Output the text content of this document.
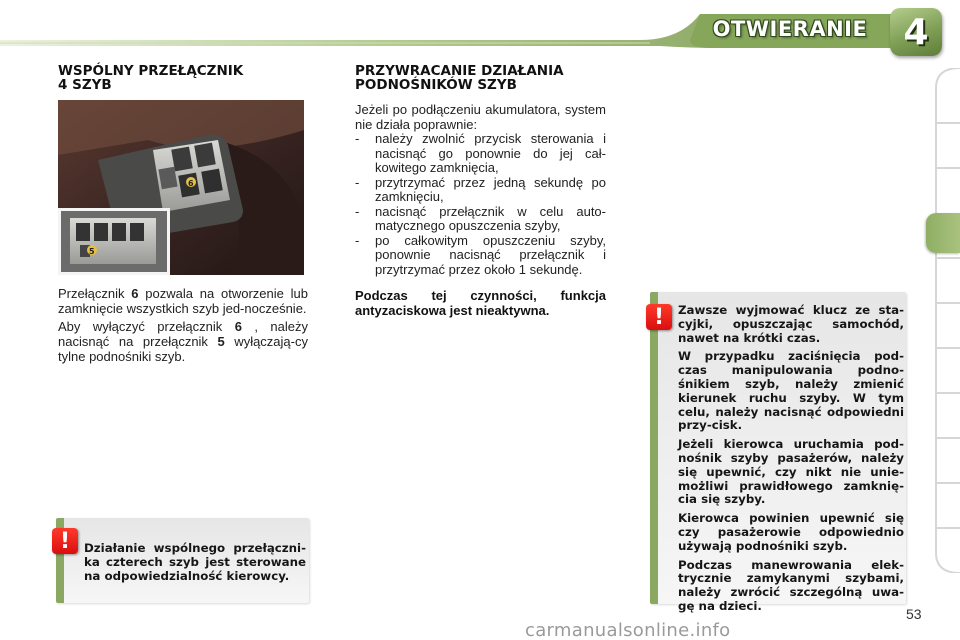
OTWIERANIE	4
WSPÓLNY PRZEŁĄCZNIK
4 SZYB
6
5

Przełącznik 6 pozwala na otworzenie lub zamknięcie wszystkich szyb jed-nocześnie.

Aby wyłączyć przełącznik 6 , należy nacisnąć na przełącznik 5 wyłączają-cy tylne podnośniki szyb.

PRZYWRACANIE DZIAŁANIA
PODNOŚNIKÓW SZYB

Jeżeli po podłączeniu akumulatora, system nie działa poprawnie:

- należy zwolnić przycisk sterowania i nacisnąć go ponownie do jej cał-kowitego zamknięcia,
- przytrzymać przez jedną sekundę po zamknięciu,
- nacisnąć przełącznik w celu auto-matycznego opuszczenia szyby,
- po całkowitym opuszczeniu szyby, ponownie nacisnąć przełącznik i przytrzymać przez około 1 sekundę.
Podczas tej czynności, funkcja antyzaciskowa jest nieaktywna.
Działanie wspólnego przełączni-ka czterech szyb jest sterowane na odpowiedzialność kierowcy.
!

Zawsze wyjmować klucz ze sta-cyjki, opuszczając samochód, nawet na krótki czas.

W przypadku zaciśnięcia pod-czas manipulowania podno-śnikiem szyb, należy zmienić kierunek ruchu szyby. W tym celu, należy nacisnąć odpowiedni przy-cisk.

Jeżeli kierowca uruchamia pod-nośnik szyby pasażerów, należy się upewnić, czy nikt nie unie-możliwi prawidłowego zamknię-cia się szyby.

Kierowca powinien upewnić się czy pasażerowie odpowiednio używają podnośniki szyb.

Podczas manewrowania elek-trycznie zamykanymi szybami, należy zwrócić szczególną uwa-gę na dzieci.

!
53
carmanualsonline.info
